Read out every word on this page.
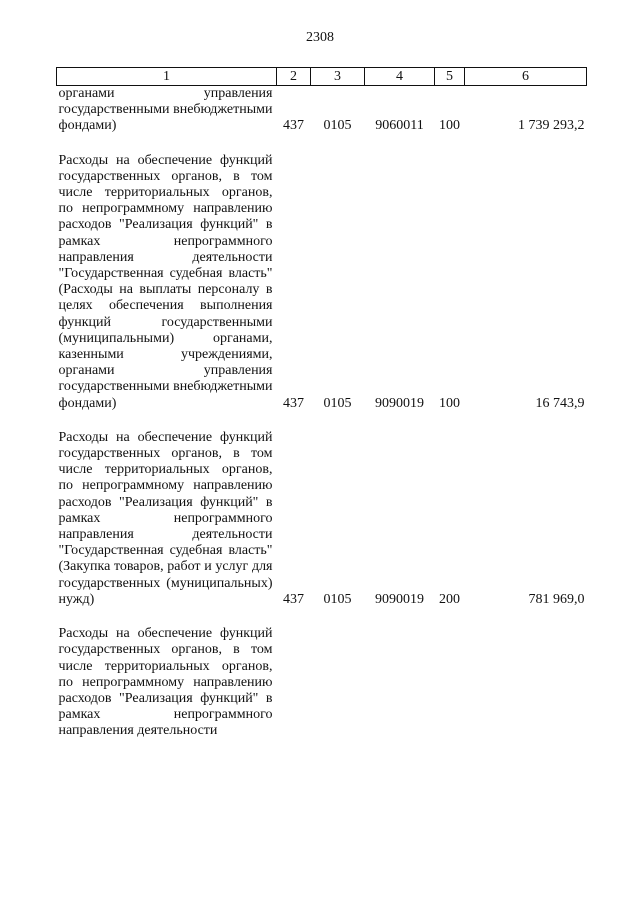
2308
1	2	3	4	5	6
органами управления государственными внебюджетными фондами)	437	0105	9060011	100	1 739 293,2

Расходы на обеспечение функций государственных органов, в том числе территориальных органов, по непрограммному направлению расходов "Реализация функций" в рамках непрограммного направления деятельности "Государственная судебная власть" (Расходы на выплаты персоналу в целях обеспечения выполнения функций государственными (муниципальными) органами, казенными учреждениями, органами управления государственными внебюджетными фондами)	437	0105	9090019	100	16 743,9

Расходы на обеспечение функций государственных органов, в том числе территориальных органов, по непрограммному направлению расходов "Реализация функций" в рамках непрограммного направления деятельности "Государственная судебная власть" (Закупка товаров, работ и услуг для государственных (муниципальных) нужд)	437	0105	9090019	200	781 969,0

Расходы на обеспечение функций государственных органов, в том числе территориальных органов, по непрограммному направлению расходов "Реализация функций" в рамках непрограммного направления деятельности					
